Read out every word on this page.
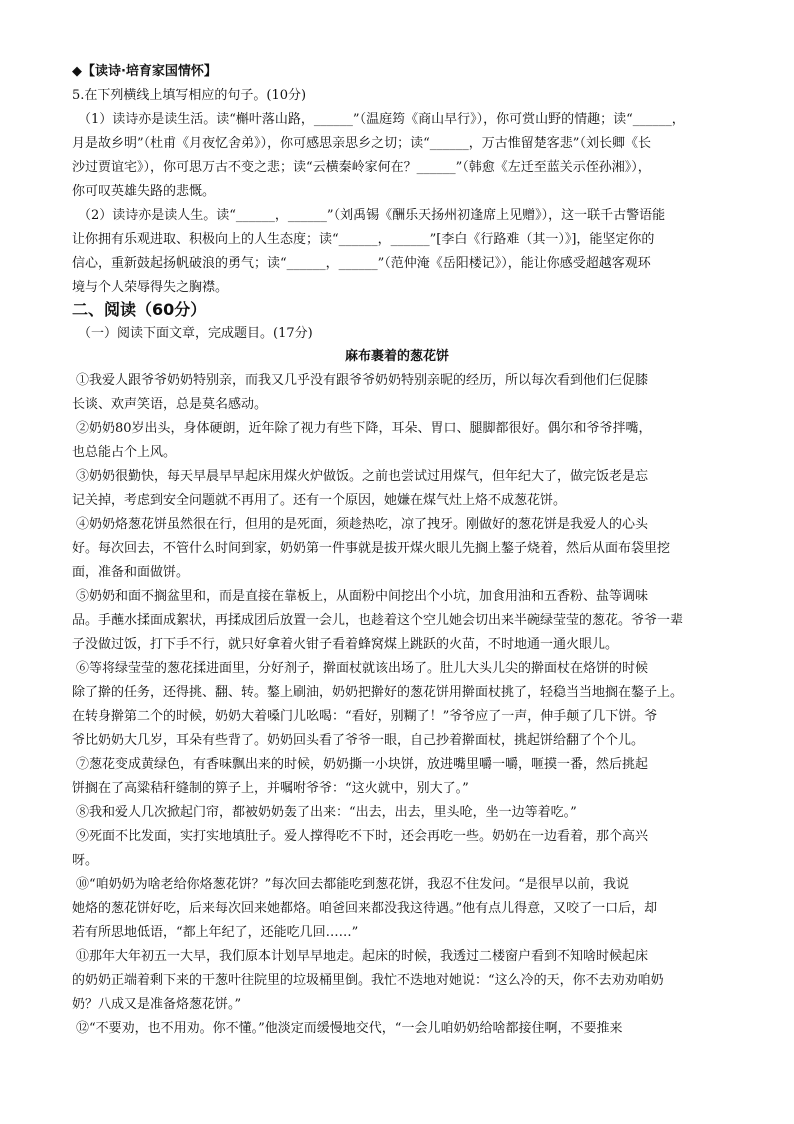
◆【读诗·培育家国情怀】
5.在下列横线上填写相应的句子。(10分)
（1）读诗亦是读生活。读“槲叶落山路，______”（温庭筠《商山早行》），你可赏山野的情趣；读“______，
月是故乡明”（杜甫《月夜忆舍弟》），你可感思亲思乡之切；读“______，万古惟留楚客悲”（刘长卿《长
沙过贾谊宅》），你可思万古不变之悲；读“云横秦岭家何在？______”（韩愈《左迁至蓝关示侄孙湘》），
你可叹英雄失路的悲慨。
（2）读诗亦是读人生。读“______，______”（刘禹锡《酬乐天扬州初逢席上见赠》），这一联千古警语能
让你拥有乐观进取、积极向上的人生态度；读“______，______”[李白《行路难（其一）》]，能坚定你的
信心，重新鼓起扬帆破浪的勇气；读“______，______”（范仲淹《岳阳楼记》），能让你感受超越客观环
境与个人荣辱得失之胸襟。
二、阅读（60分）
（一）阅读下面文章，完成题目。(17分)
麻布裹着的葱花饼
①我爱人跟爷爷奶奶特别亲，而我又几乎没有跟爷爷奶奶特别亲昵的经历，所以每次看到他们仨促膝
长谈、欢声笑语，总是莫名感动。
②奶奶80岁出头，身体硬朗，近年除了视力有些下降，耳朵、胃口、腿脚都很好。偶尔和爷爷拌嘴，
也总能占个上风。
③奶奶很勤快，每天早晨早早起床用煤火炉做饭。之前也尝试过用煤气，但年纪大了，做完饭老是忘
记关掉，考虑到安全问题就不再用了。还有一个原因，她嫌在煤气灶上烙不成葱花饼。
④奶奶烙葱花饼虽然很在行，但用的是死面，须趁热吃，凉了拽牙。刚做好的葱花饼是我爱人的心头
好。每次回去，不管什么时间到家，奶奶第一件事就是拔开煤火眼儿先搁上鏊子烧着，然后从面布袋里挖
面，准备和面做饼。
⑤奶奶和面不搁盆里和，而是直接在靠板上，从面粉中间挖出个小坑，加食用油和五香粉、盐等调味
品。手蘸水揉面成絮状，再揉成团后放置一会儿，也趁着这个空儿她会切出来半碗绿莹莹的葱花。爷爷一辈
子没做过饭，打下手不行，就只好拿着火钳子看着蜂窝煤上跳跃的火苗，不时地通一通火眼儿。
⑥等将绿莹莹的葱花揉进面里，分好剂子，擀面杖就该出场了。肚儿大头儿尖的擀面杖在烙饼的时候
除了擀的任务，还得挑、翻、转。鏊上刷油，奶奶把擀好的葱花饼用擀面杖挑了，轻稳当当地搁在鏊子上。
在转身擀第二个的时候，奶奶大着嗓门儿吆喝：“看好，别糊了！”爷爷应了一声，伸手颠了几下饼。爷
爷比奶奶大几岁，耳朵有些背了。奶奶回头看了爷爷一眼，自己抄着擀面杖，挑起饼给翻了个个儿。
⑦葱花变成黄绿色，有香味飘出来的时候，奶奶撕一小块饼，放进嘴里嚼一嚼，咂摸一番，然后挑起
饼搁在了高粱秸秆缝制的箅子上，并嘱咐爷爷：“这火就中，别大了。”
⑧我和爱人几次掀起门帘，都被奶奶轰了出来：“出去，出去，里头呛，坐一边等着吃。”
⑨死面不比发面，实打实地填肚子。爱人撑得吃不下时，还会再吃一些。奶奶在一边看着，那个高兴
呀。
⑩“咱奶奶为啥老给你烙葱花饼？”每次回去都能吃到葱花饼，我忍不住发问。“是很早以前，我说
她烙的葱花饼好吃，后来每次回来她都烙。咱爸回来都没我这待遇。”他有点儿得意，又咬了一口后，却
若有所思地低语，“都上年纪了，还能吃几回……”
⑪那年大年初五一大早，我们原本计划早早地走。起床的时候，我透过二楼窗户看到不知啥时候起床
的奶奶正端着剩下来的干葱叶往院里的垃圾桶里倒。我忙不迭地对她说：“这么冷的天，你不去劝劝咱奶
奶？八成又是准备烙葱花饼。”
⑫“不要劝，也不用劝。你不懂。”他淡定而缓慢地交代，“一会儿咱奶奶给啥都接住啊，不要推来
